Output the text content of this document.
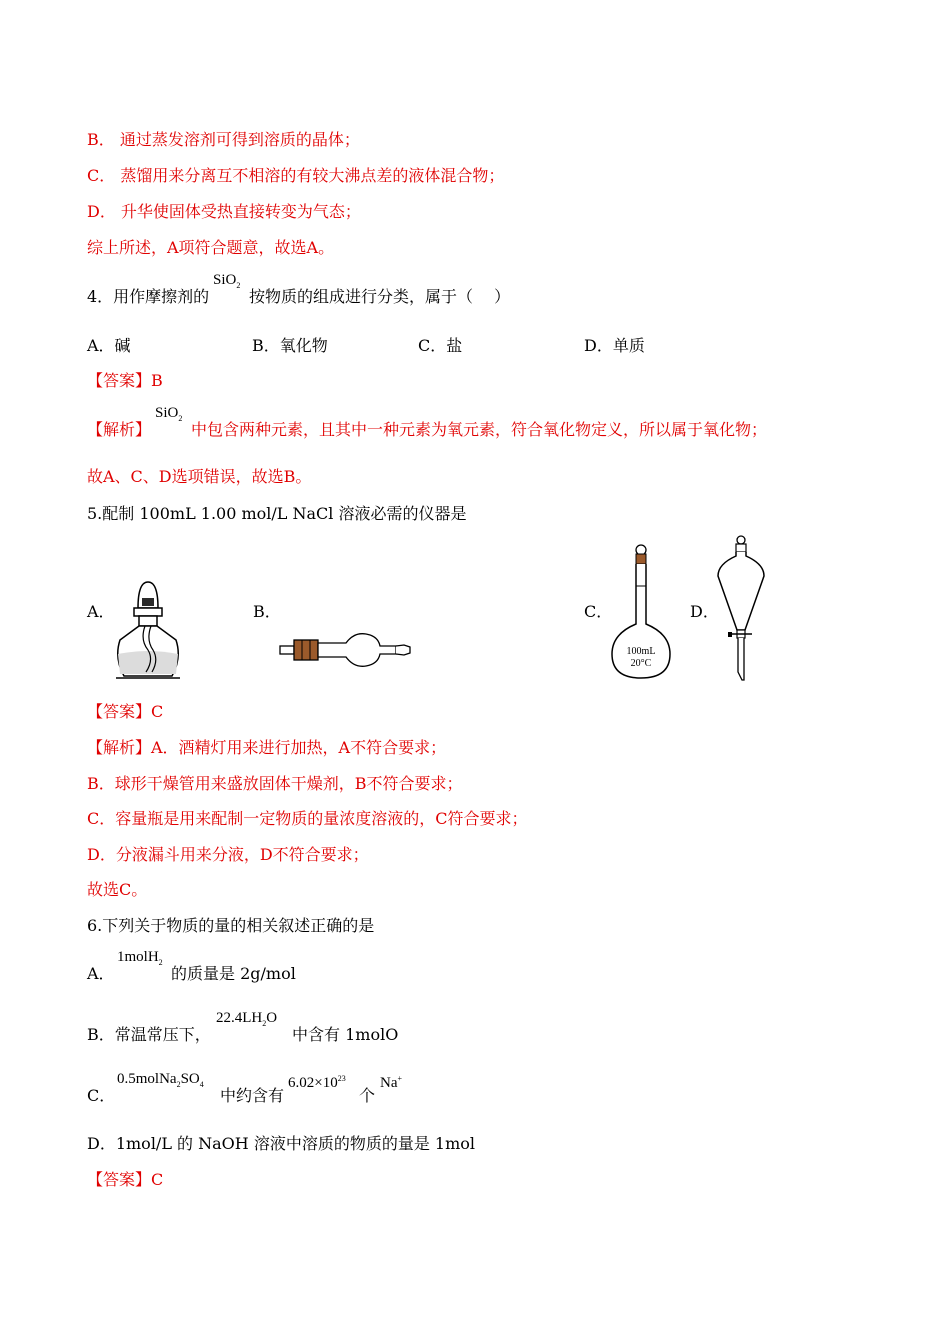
B． 通过蒸发溶剂可得到溶质的晶体；
C． 蒸馏用来分离互不相溶的有较大沸点差的液体混合物；
D． 升华使固体受热直接转变为气态；
综上所述，A项符合题意，故选A。
4．用作摩擦剂的
SiO$_2$
按物质的组成进行分类，属于（　 ）
A．碱	B．氧化物	C．盐	D．单质
【答案】B
【解析】
SiO$_2$
中包含两种元素，且其中一种元素为氧元素，符合氧化物定义，所以属于氧化物；
故A、C、D选项错误，故选B。
5.配制 100mL 1.00 mol/L NaCl 溶液必需的仪器是
A．	B．	C．	D．
100mL
20°C
【答案】C
【解析】A．酒精灯用来进行加热，A不符合要求；
B．球形干燥管用来盛放固体干燥剂，B不符合要求；
C．容量瓶是用来配制一定物质的量浓度溶液的，C符合要求；
D．分液漏斗用来分液，D不符合要求；
故选C。
6.下列关于物质的量的相关叙述正确的是
A．
1molH$_2$
的质量是 2g/mol
B．常温常压下，
$22.4LH_2O$
中含有 1molO
C．
$0.5molNa_2SO_4$
中约含有
$6.02\times 10^{23}$
个
Na+
D．1mol/L 的 NaOH 溶液中溶质的物质的量是 1mol
【答案】C
